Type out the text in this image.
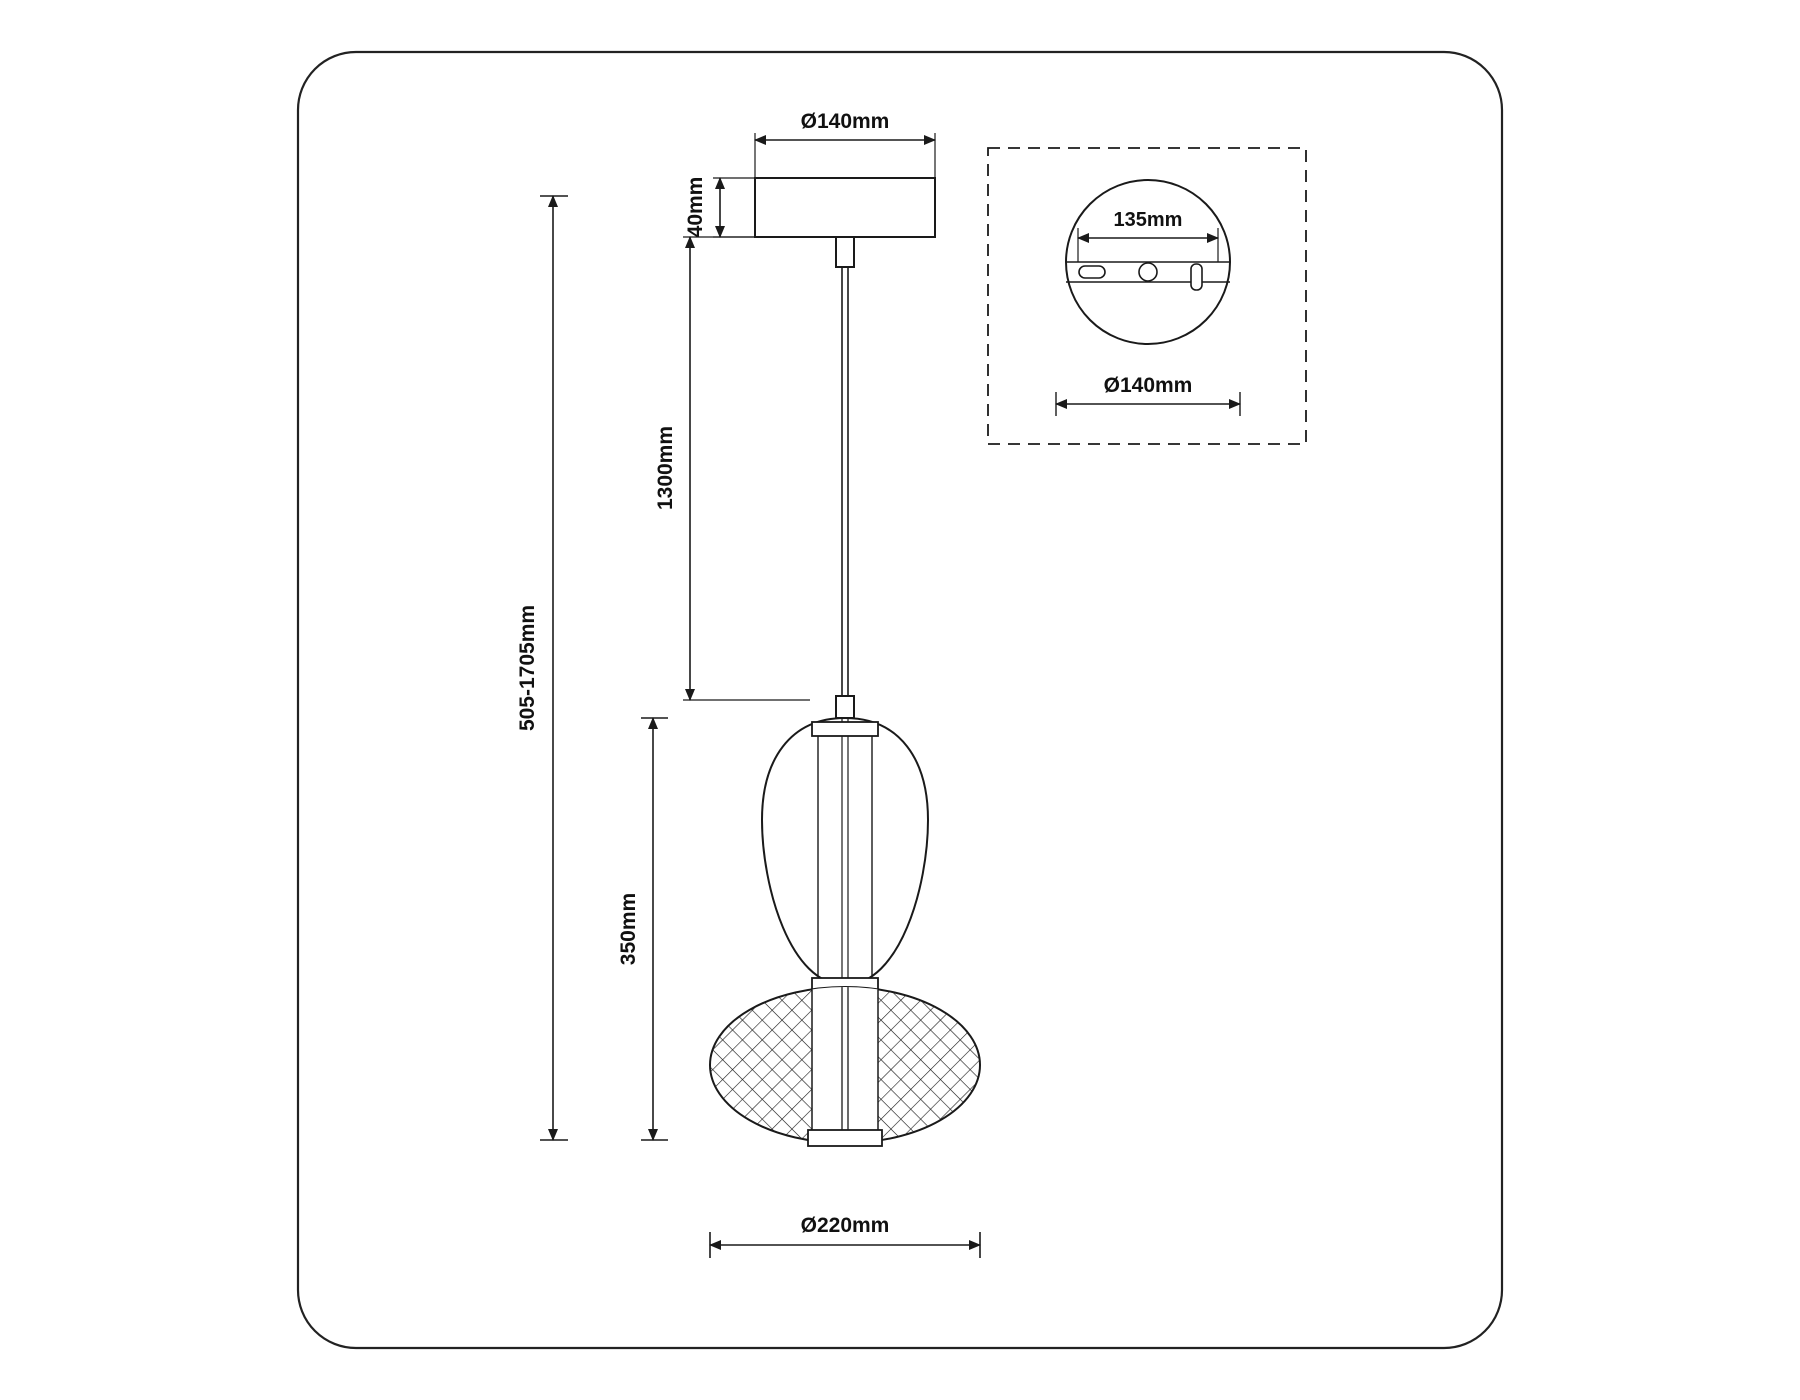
Ø140mm
40mm
1300mm
505-1705mm
350mm
Ø220mm
135mm
Ø140mm
